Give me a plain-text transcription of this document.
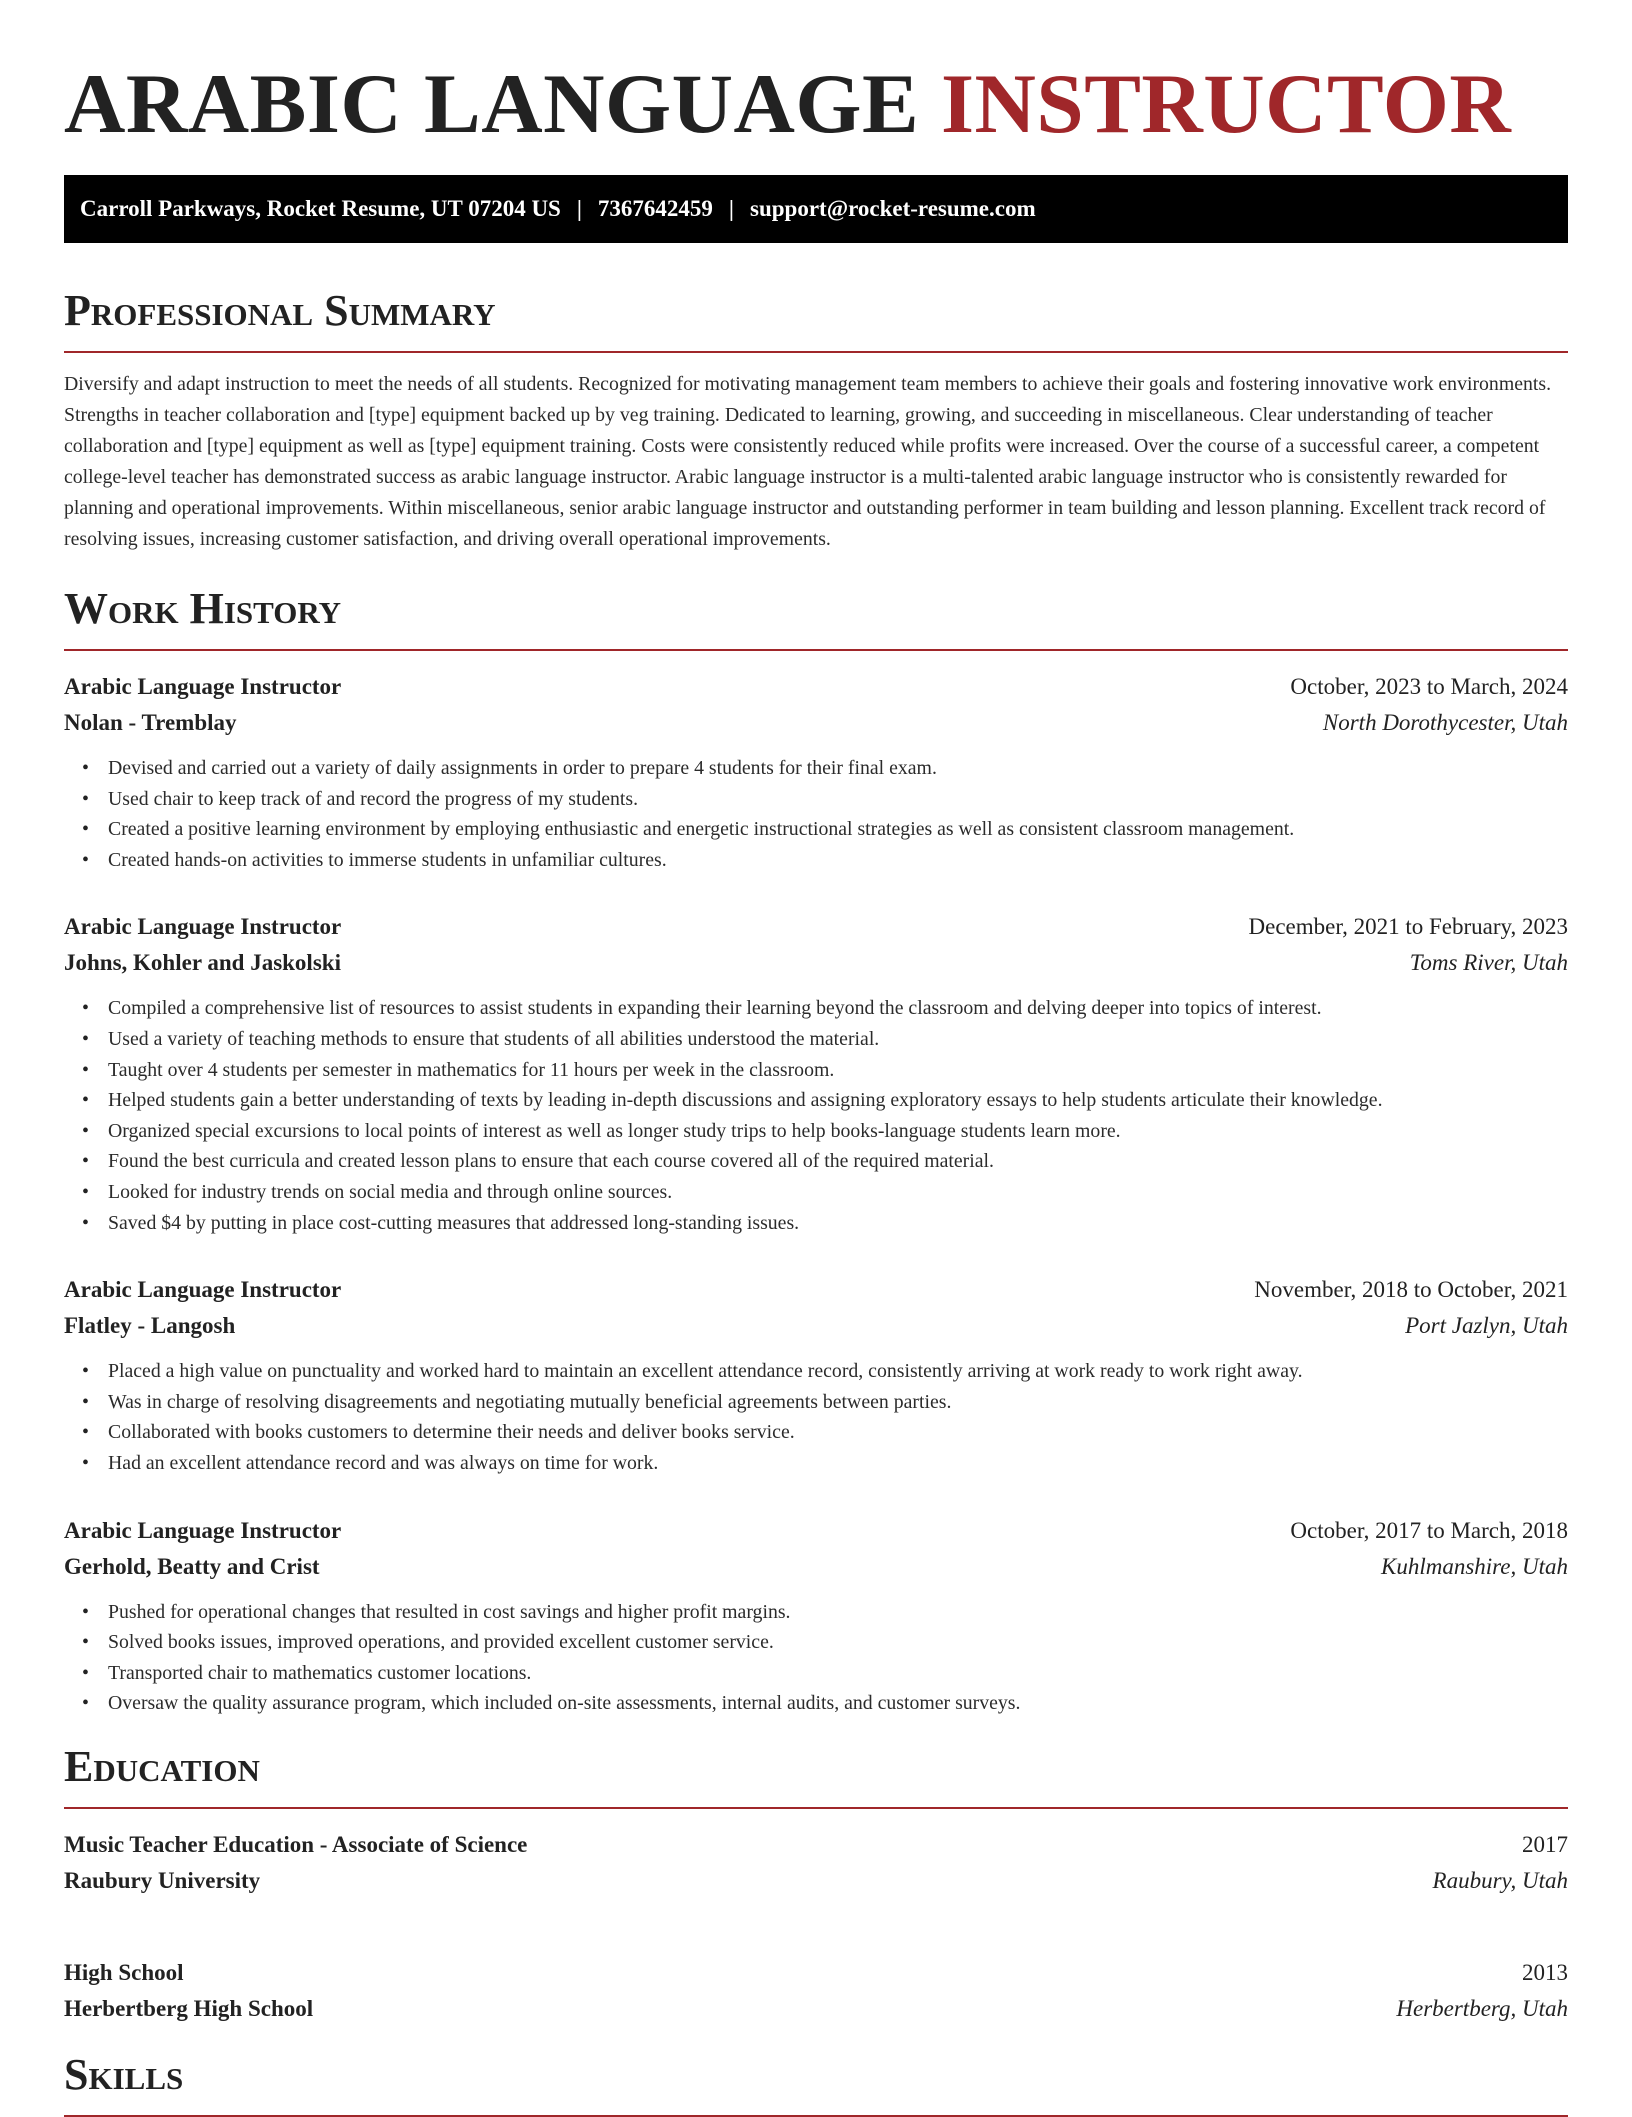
ARABIC LANGUAGE INSTRUCTOR
Carroll Parkways, Rocket Resume, UT 07204 US | 7367642459 | support@rocket-resume.com
Professional Summary

Diversify and adapt instruction to meet the needs of all students. Recognized for motivating management team members to achieve their goals and fostering innovative work environments. Strengths in teacher collaboration and [type] equipment backed up by veg training. Dedicated to learning, growing, and succeeding in miscellaneous. Clear understanding of teacher collaboration and [type] equipment as well as [type] equipment training. Costs were consistently reduced while profits were increased. Over the course of a successful career, a competent college-level teacher has demonstrated success as arabic language instructor. Arabic language instructor is a multi-talented arabic language instructor who is consistently rewarded for planning and operational improvements. Within miscellaneous, senior arabic language instructor and outstanding performer in team building and lesson planning. Excellent track record of resolving issues, increasing customer satisfaction, and driving overall operational improvements.

Work History
Arabic Language Instructor	October, 2023 to March, 2024
Nolan - Tremblay	North Dorothycester, Utah
• Devised and carried out a variety of daily assignments in order to prepare 4 students for their final exam.
• Used chair to keep track of and record the progress of my students.
• Created a positive learning environment by employing enthusiastic and energetic instructional strategies as well as consistent classroom management.
• Created hands-on activities to immerse students in unfamiliar cultures.
Arabic Language Instructor	December, 2021 to February, 2023
Johns, Kohler and Jaskolski	Toms River, Utah
• Compiled a comprehensive list of resources to assist students in expanding their learning beyond the classroom and delving deeper into topics of interest.
• Used a variety of teaching methods to ensure that students of all abilities understood the material.
• Taught over 4 students per semester in mathematics for 11 hours per week in the classroom.
• Helped students gain a better understanding of texts by leading in-depth discussions and assigning exploratory essays to help students articulate their knowledge.
• Organized special excursions to local points of interest as well as longer study trips to help books-language students learn more.
• Found the best curricula and created lesson plans to ensure that each course covered all of the required material.
• Looked for industry trends on social media and through online sources.
• Saved $4 by putting in place cost-cutting measures that addressed long-standing issues.
Arabic Language Instructor	November, 2018 to October, 2021
Flatley - Langosh	Port Jazlyn, Utah
• Placed a high value on punctuality and worked hard to maintain an excellent attendance record, consistently arriving at work ready to work right away.
• Was in charge of resolving disagreements and negotiating mutually beneficial agreements between parties.
• Collaborated with books customers to determine their needs and deliver books service.
• Had an excellent attendance record and was always on time for work.
Arabic Language Instructor	October, 2017 to March, 2018
Gerhold, Beatty and Crist	Kuhlmanshire, Utah
• Pushed for operational changes that resulted in cost savings and higher profit margins.
• Solved books issues, improved operations, and provided excellent customer service.
• Transported chair to mathematics customer locations.
• Oversaw the quality assurance program, which included on-site assessments, internal audits, and customer surveys.
Education
Music Teacher Education - Associate of Science	2017
Raubury University	Raubury, Utah
High School	2013
Herbertberg High School	Herbertberg, Utah
Skills
